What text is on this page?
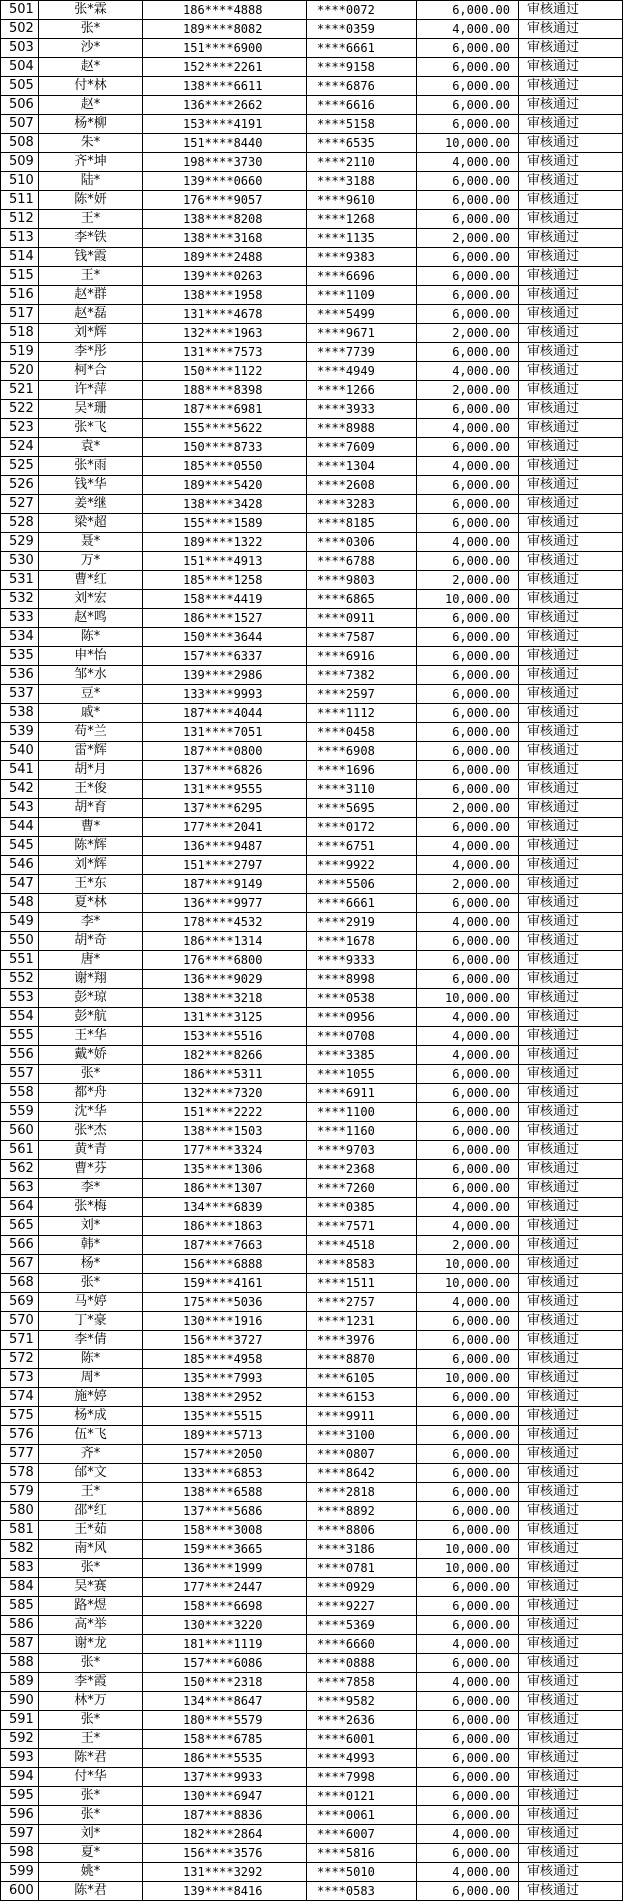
501	张*霖	186****4888	****0072	6,000.00	审核通过
502	张*	189****8082	****0359	4,000.00	审核通过
503	沙*	151****6900	****6661	6,000.00	审核通过
504	赵*	152****2261	****9158	6,000.00	审核通过
505	付*林	138****6611	****6876	6,000.00	审核通过
506	赵*	136****2662	****6616	6,000.00	审核通过
507	杨*柳	153****4191	****5158	6,000.00	审核通过
508	朱*	151****8440	****6535	10,000.00	审核通过
509	齐*坤	198****3730	****2110	4,000.00	审核通过
510	陆*	139****0660	****3188	6,000.00	审核通过
511	陈*妍	176****9057	****9610	6,000.00	审核通过
512	王*	138****8208	****1268	6,000.00	审核通过
513	李*铁	138****3168	****1135	2,000.00	审核通过
514	钱*霞	189****2488	****9383	6,000.00	审核通过
515	王*	139****0263	****6696	6,000.00	审核通过
516	赵*群	138****1958	****1109	6,000.00	审核通过
517	赵*磊	131****4678	****5499	6,000.00	审核通过
518	刘*辉	132****1963	****9671	2,000.00	审核通过
519	李*彤	131****7573	****7739	6,000.00	审核通过
520	柯*合	150****1122	****4949	4,000.00	审核通过
521	许*萍	188****8398	****1266	2,000.00	审核通过
522	吴*珊	187****6981	****3933	6,000.00	审核通过
523	张*飞	155****5622	****8988	4,000.00	审核通过
524	袁*	150****8733	****7609	6,000.00	审核通过
525	张*雨	185****0550	****1304	4,000.00	审核通过
526	钱*华	189****5420	****2608	6,000.00	审核通过
527	姜*继	138****3428	****3283	6,000.00	审核通过
528	梁*超	155****1589	****8185	6,000.00	审核通过
529	聂*	189****1322	****0306	4,000.00	审核通过
530	万*	151****4913	****6788	6,000.00	审核通过
531	曹*红	185****1258	****9803	2,000.00	审核通过
532	刘*宏	158****4419	****6865	10,000.00	审核通过
533	赵*鸣	186****1527	****0911	6,000.00	审核通过
534	陈*	150****3644	****7587	6,000.00	审核通过
535	申*怡	157****6337	****6916	6,000.00	审核通过
536	邹*水	139****2986	****7382	6,000.00	审核通过
537	豆*	133****9993	****2597	6,000.00	审核通过
538	戚*	187****4044	****1112	6,000.00	审核通过
539	苟*兰	131****7051	****0458	6,000.00	审核通过
540	雷*辉	187****0800	****6908	6,000.00	审核通过
541	胡*月	137****6826	****1696	6,000.00	审核通过
542	王*俊	131****9555	****3110	6,000.00	审核通过
543	胡*育	137****6295	****5695	2,000.00	审核通过
544	曹*	177****2041	****0172	6,000.00	审核通过
545	陈*辉	136****9487	****6751	4,000.00	审核通过
546	刘*辉	151****2797	****9922	4,000.00	审核通过
547	王*东	187****9149	****5506	2,000.00	审核通过
548	夏*林	136****9977	****6661	6,000.00	审核通过
549	李*	178****4532	****2919	4,000.00	审核通过
550	胡*奇	186****1314	****1678	6,000.00	审核通过
551	唐*	176****6800	****9333	6,000.00	审核通过
552	谢*翔	136****9029	****8998	6,000.00	审核通过
553	彭*琼	138****3218	****0538	10,000.00	审核通过
554	彭*航	131****3125	****0956	4,000.00	审核通过
555	王*华	153****5516	****0708	4,000.00	审核通过
556	戴*娇	182****8266	****3385	4,000.00	审核通过
557	张*	186****5311	****1055	6,000.00	审核通过
558	都*舟	132****7320	****6911	6,000.00	审核通过
559	沈*华	151****2222	****1100	6,000.00	审核通过
560	张*杰	138****1503	****1160	6,000.00	审核通过
561	黄*青	177****3324	****9703	6,000.00	审核通过
562	曹*芬	135****1306	****2368	6,000.00	审核通过
563	李*	186****1307	****7260	6,000.00	审核通过
564	张*梅	134****6839	****0385	4,000.00	审核通过
565	刘*	186****1863	****7571	4,000.00	审核通过
566	韩*	187****7663	****4518	2,000.00	审核通过
567	杨*	156****6888	****8583	10,000.00	审核通过
568	张*	159****4161	****1511	10,000.00	审核通过
569	马*婷	175****5036	****2757	4,000.00	审核通过
570	丁*豪	130****1916	****1231	6,000.00	审核通过
571	李*倩	156****3727	****3976	6,000.00	审核通过
572	陈*	185****4958	****8870	6,000.00	审核通过
573	周*	135****7993	****6105	10,000.00	审核通过
574	施*婷	138****2952	****6153	6,000.00	审核通过
575	杨*成	135****5515	****9911	6,000.00	审核通过
576	伍*飞	189****5713	****3100	6,000.00	审核通过
577	齐*	157****2050	****0807	6,000.00	审核通过
578	邰*文	133****6853	****8642	6,000.00	审核通过
579	王*	138****6588	****2818	6,000.00	审核通过
580	邵*红	137****5686	****8892	6,000.00	审核通过
581	王*茹	158****3008	****8806	6,000.00	审核通过
582	南*风	159****3665	****3186	10,000.00	审核通过
583	张*	136****1999	****0781	10,000.00	审核通过
584	吴*赛	177****2447	****0929	6,000.00	审核通过
585	路*煜	158****6698	****9227	6,000.00	审核通过
586	高*举	130****3220	****5369	6,000.00	审核通过
587	谢*龙	181****1119	****6660	4,000.00	审核通过
588	张*	157****6086	****0888	6,000.00	审核通过
589	李*霞	150****2318	****7858	4,000.00	审核通过
590	林*万	134****8647	****9582	6,000.00	审核通过
591	张*	180****5579	****2636	6,000.00	审核通过
592	王*	158****6785	****6001	6,000.00	审核通过
593	陈*君	186****5535	****4993	6,000.00	审核通过
594	付*华	137****9933	****7998	6,000.00	审核通过
595	张*	130****6947	****0121	6,000.00	审核通过
596	张*	187****8836	****0061	6,000.00	审核通过
597	刘*	182****2864	****6007	4,000.00	审核通过
598	夏*	156****3576	****5816	6,000.00	审核通过
599	姚*	131****3292	****5010	4,000.00	审核通过
600	陈*君	139****8416	****0583	6,000.00	审核通过
